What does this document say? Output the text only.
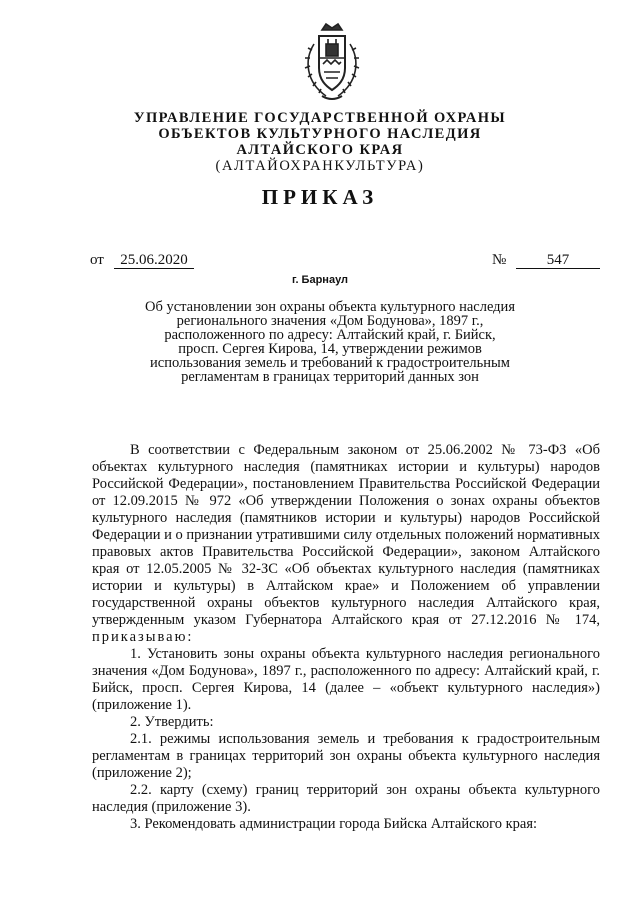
УПРАВЛЕНИЕ ГОСУДАРСТВЕННОЙ ОХРАНЫ
ОБЪЕКТОВ КУЛЬТУРНОГО НАСЛЕДИЯ
АЛТАЙСКОГО КРАЯ
(АЛТАЙОХРАНКУЛЬТУРА)
ПРИКАЗ
от	25.06.2020	№	547
г. Барнаул
Об установлении зон охраны объекта культурного наследия
регионального значения «Дом Бодунова», 1897 г.,
расположенного по адресу: Алтайский край, г. Бийск,
просп. Сергея Кирова, 14, утверждении режимов
использования земель и требований к градостроительным
регламентам в границах территорий данных зон

В соответствии с Федеральным законом от 25.06.2002 № 73-ФЗ «Об объектах культурного наследия (памятниках истории и культуры) народов Российской Федерации», постановлением Правительства Российской Федерации от 12.09.2015 № 972 «Об утверждении Положения о зонах охраны объектов культурного наследия (памятников истории и культуры) народов Российской Федерации и о признании утратившими силу отдельных положений нормативных правовых актов Правительства Российской Федерации», законом Алтайского края от 12.05.2005 № 32-ЗС «Об объектах культурного наследия (памятниках истории и культуры) в Алтайском крае» и Положением об управлении государственной охраны объектов культурного наследия Алтайского края, утвержденным указом Губернатора Алтайского края от 27.12.2016 № 174, приказываю:

1. Установить зоны охраны объекта культурного наследия регионального значения «Дом Бодунова», 1897 г., расположенного по адресу: Алтайский край, г. Бийск, просп. Сергея Кирова, 14 (далее – «объект культурного наследия») (приложение 1).

2. Утвердить:

2.1. режимы использования земель и требования к градостроительным регламентам в границах территорий зон охраны объекта культурного наследия (приложение 2);

2.2. карту (схему) границ территорий зон охраны объекта культурного наследия (приложение 3).

3. Рекомендовать администрации города Бийска Алтайского края:
